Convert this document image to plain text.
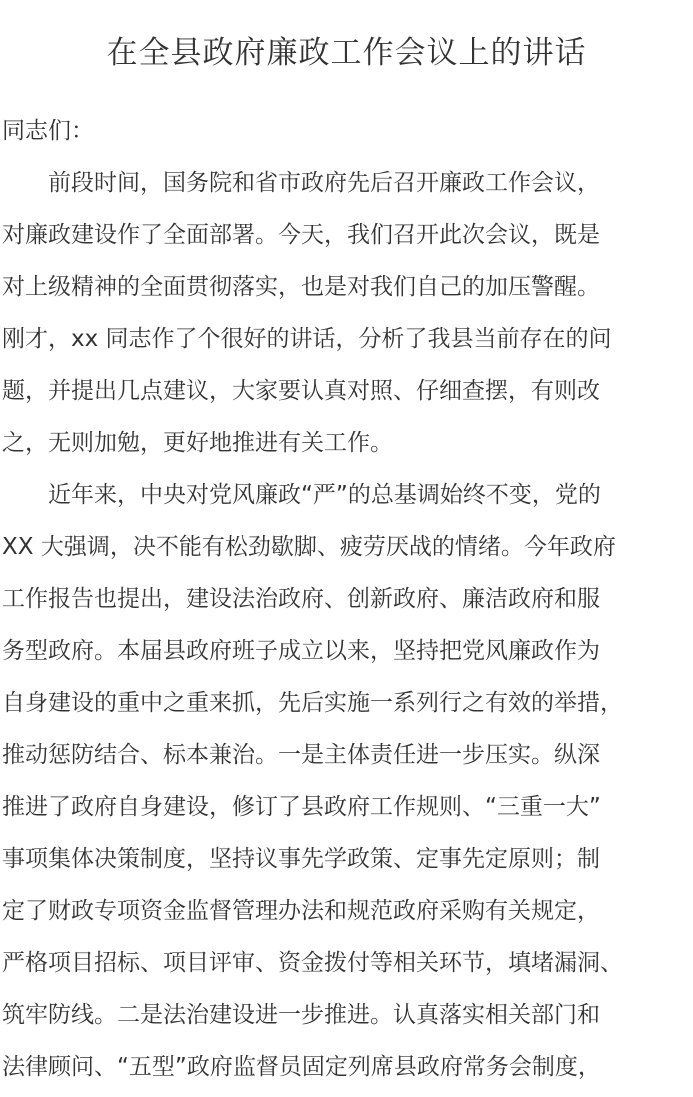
在全县政府廉政工作会议上的讲话
同志们：
　　前段时间，国务院和省市政府先后召开廉政工作会议，
对廉政建设作了全面部署。今天，我们召开此次会议，既是
对上级精神的全面贯彻落实，也是对我们自己的加压警醒。
刚才，xx 同志作了个很好的讲话，分析了我县当前存在的问
题，并提出几点建议，大家要认真对照、仔细查摆，有则改
之，无则加勉，更好地推进有关工作。
　　近年来，中央对党风廉政“严”的总基调始终不变，党的
XX 大强调，决不能有松劲歇脚、疲劳厌战的情绪。今年政府
工作报告也提出，建设法治政府、创新政府、廉洁政府和服
务型政府。本届县政府班子成立以来，坚持把党风廉政作为
自身建设的重中之重来抓，先后实施一系列行之有效的举措，
推动惩防结合、标本兼治。一是主体责任进一步压实。纵深
推进了政府自身建设，修订了县政府工作规则、“三重一大”
事项集体决策制度，坚持议事先学政策、定事先定原则；制
定了财政专项资金监督管理办法和规范政府采购有关规定，
严格项目招标、项目评审、资金拨付等相关环节，填堵漏洞、
筑牢防线。二是法治建设进一步推进。认真落实相关部门和
法律顾问、“五型”政府监督员固定列席县政府常务会制度，
